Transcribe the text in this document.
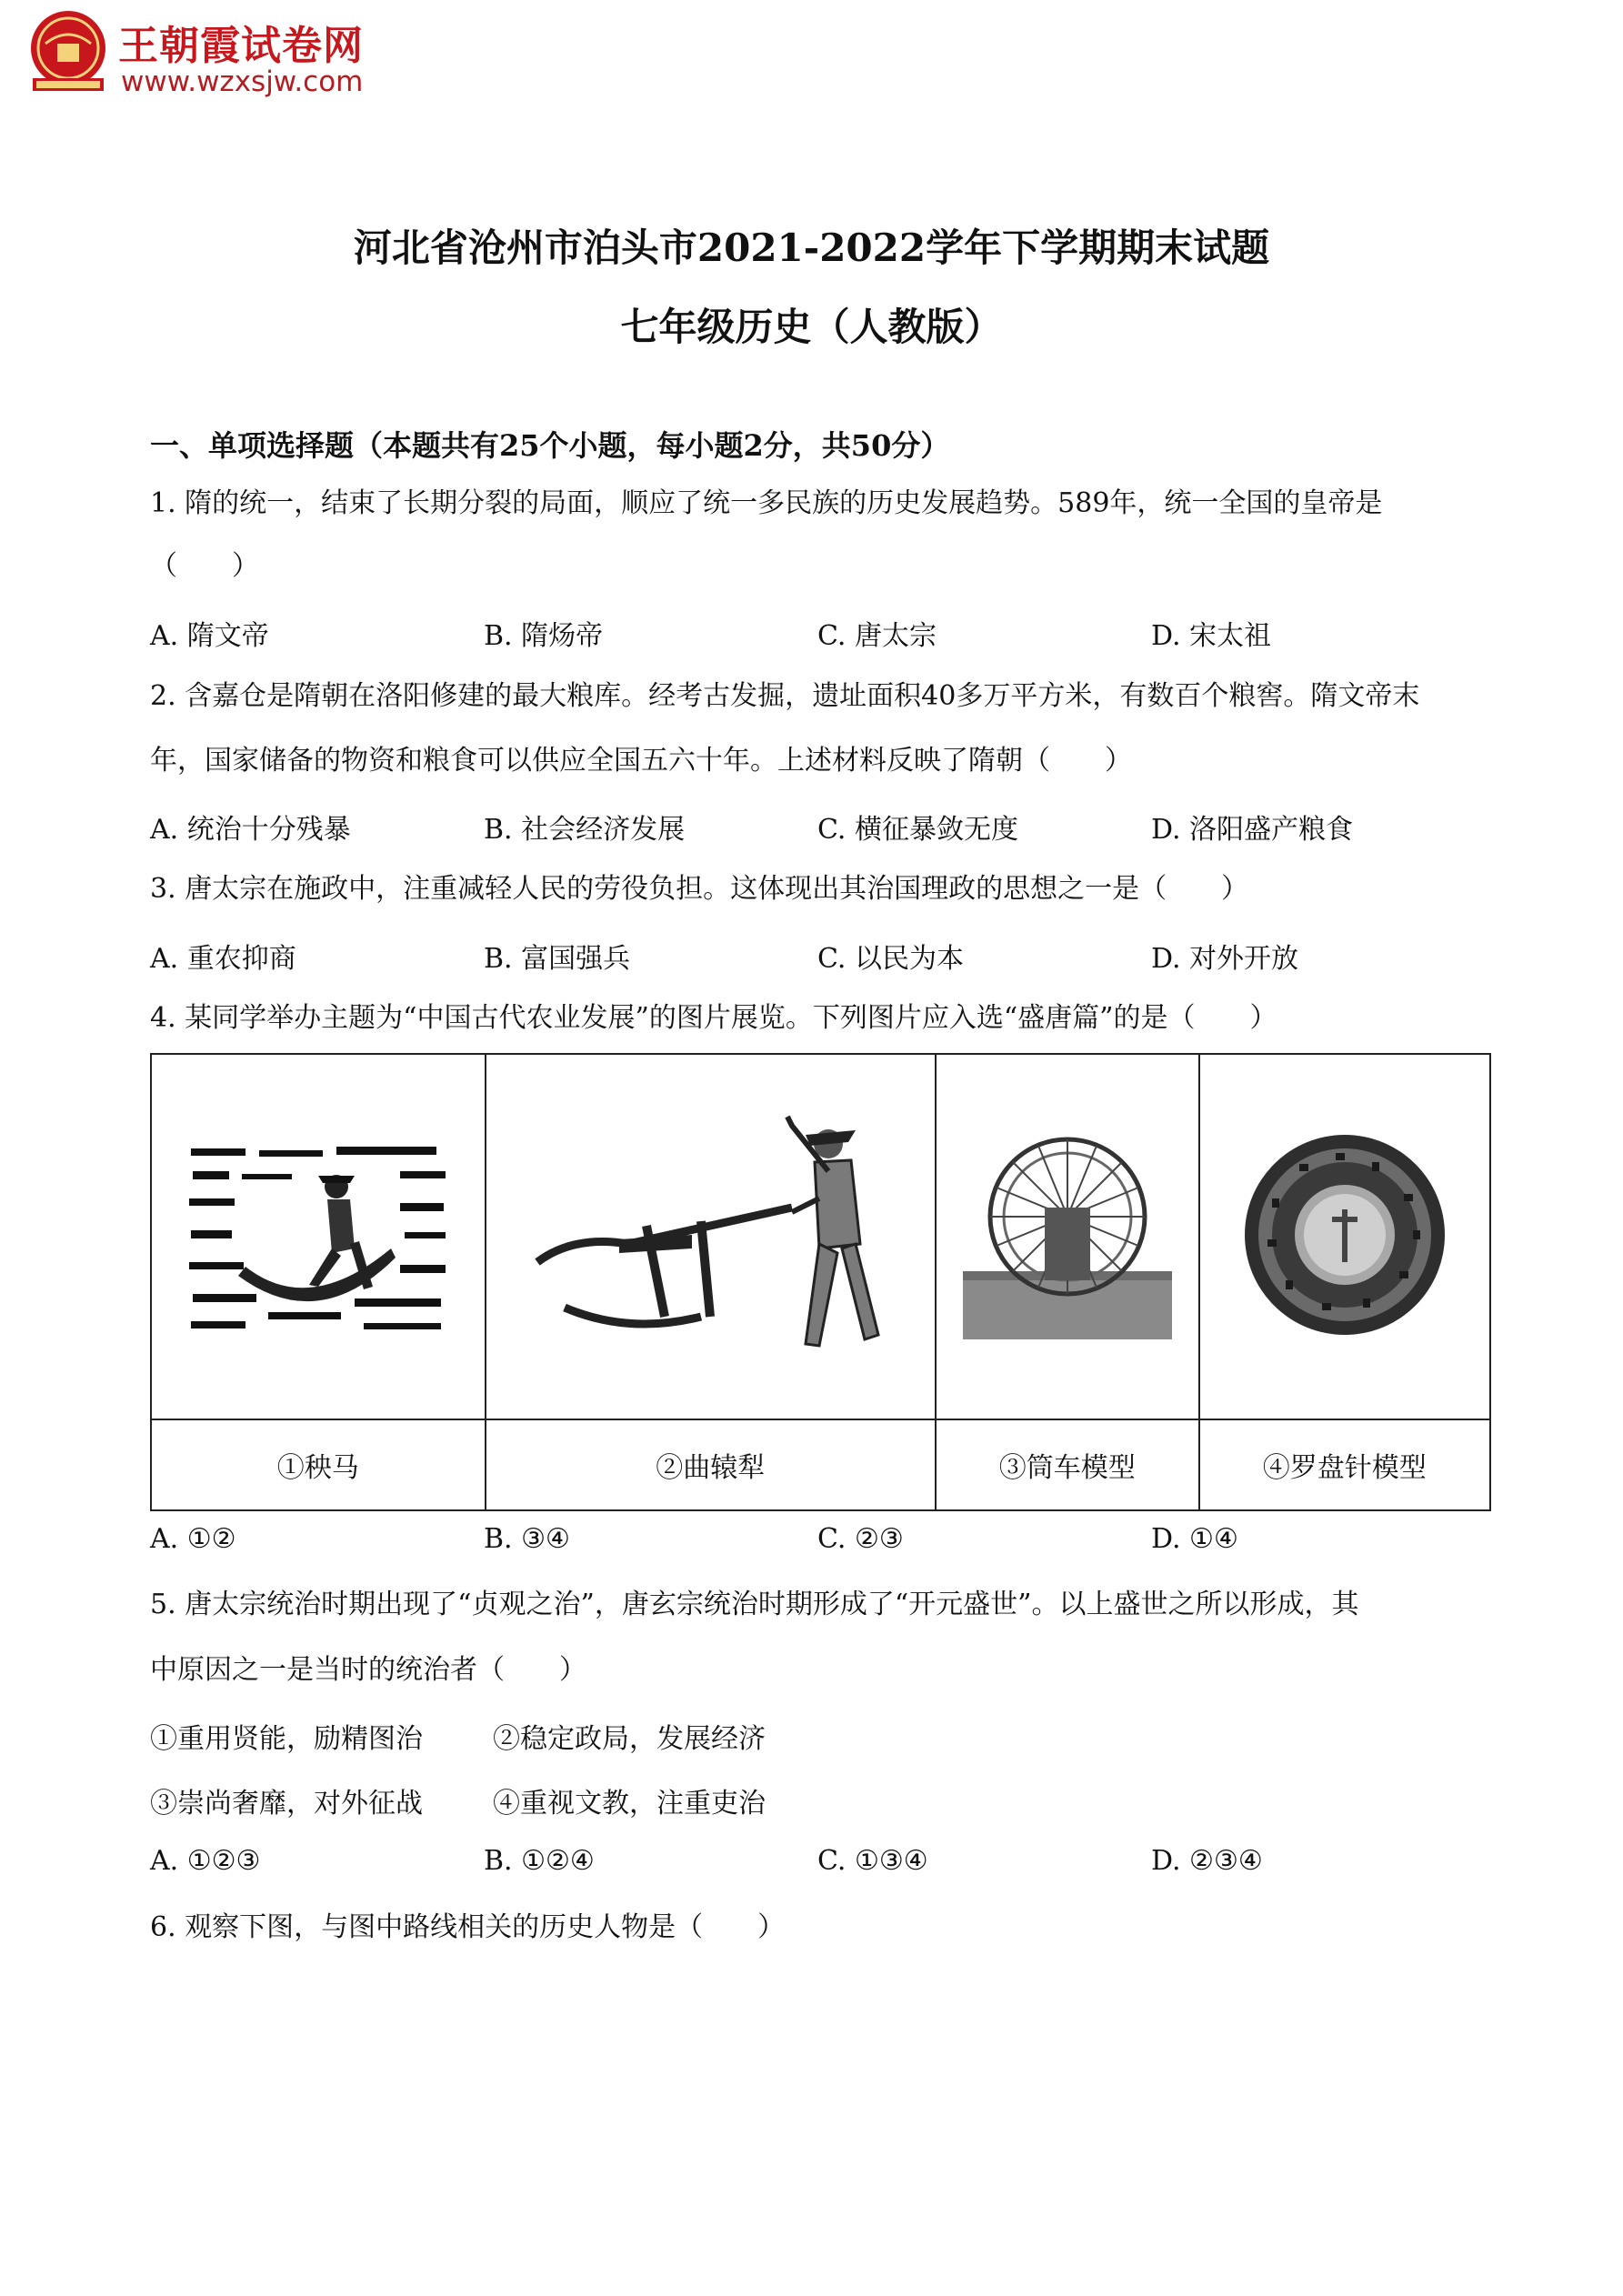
王朝霞试卷网
www.wzxsjw.com
河北省沧州市泊头市2021-2022学年下学期期末试题
七年级历史（人教版）
一、单项选择题（本题共有25个小题，每小题2分，共50分）
1. 隋的统一，结束了长期分裂的局面，顺应了统一多民族的历史发展趋势。589年，统一全国的皇帝是
（　　）
A. 隋文帝	B. 隋炀帝	C. 唐太宗	D. 宋太祖
2. 含嘉仓是隋朝在洛阳修建的最大粮库。经考古发掘，遗址面积40多万平方米，有数百个粮窖。隋文帝末
年，国家储备的物资和粮食可以供应全国五六十年。上述材料反映了隋朝（　　）
A. 统治十分残暴	B. 社会经济发展	C. 横征暴敛无度	D. 洛阳盛产粮食
3. 唐太宗在施政中，注重减轻人民的劳役负担。这体现出其治国理政的思想之一是（　　）
A. 重农抑商	B. 富国强兵	C. 以民为本	D. 对外开放
4. 某同学举办主题为“中国古代农业发展”的图片展览。下列图片应入选“盛唐篇”的是（　　）

①秧马	②曲辕犁	③筒车模型	④罗盘针模型
A. ①②	B. ③④	C. ②③	D. ①④
5. 唐太宗统治时期出现了“贞观之治”，唐玄宗统治时期形成了“开元盛世”。以上盛世之所以形成，其
中原因之一是当时的统治者（　　）
①重用贤能，励精图治	②稳定政局，发展经济
③崇尚奢靡，对外征战	④重视文教，注重吏治
A. ①②③	B. ①②④	C. ①③④	D. ②③④
6. 观察下图，与图中路线相关的历史人物是（　　）
